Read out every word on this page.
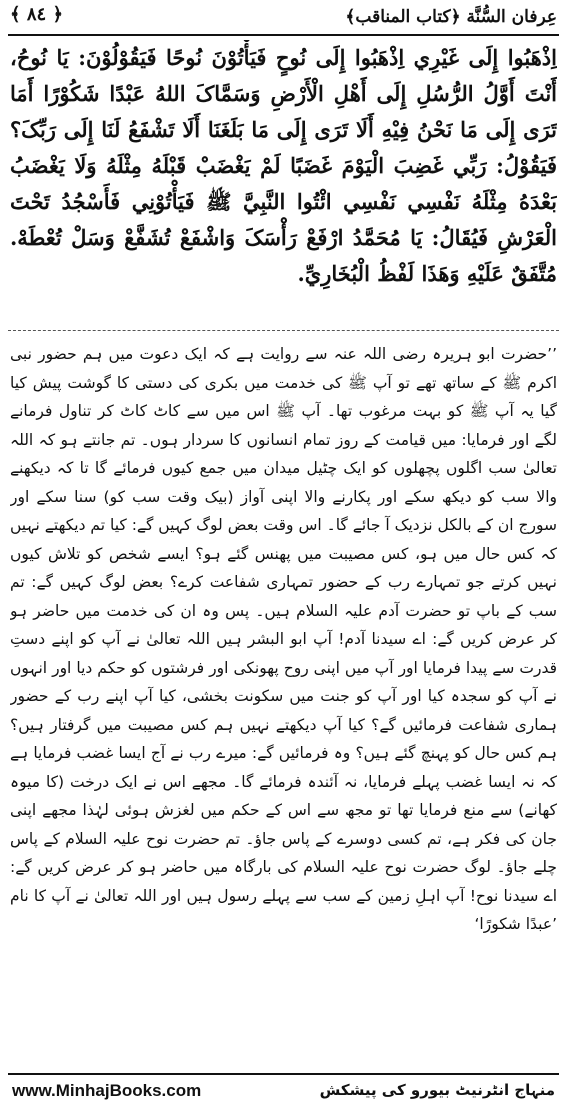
عِرفان السُّنَّة ﴿كتاب المناقب﴾
﴿ ٨٤ ﴾
اِذْهَبُوا إِلَى غَيْرِي اِذْهَبُوا إِلَى نُوحٍ فَيَأْتُوْنَ نُوحًا فَيَقُوْلُوْنَ: يَا نُوحُ، أَنْتَ أَوَّلُ الرُّسُلِ إِلَى أَهْلِ الْأَرْضِ وَسَمَّاکَ اللهُ عَبْدًا شَكُوْرًا أَمَا تَرَى إِلَى مَا نَحْنُ فِيْهِ أَلَا تَرَى إِلَى مَا بَلَغَنَا أَلَا تَشْفَعُ لَنَا إِلَى رَبِّکَ؟ فَيَقُوْلُ: رَبِّي غَضِبَ الْيَوْمَ غَضَبًا لَمْ يَغْضَبْ قَبْلَهُ مِثْلَهُ وَلَا يَغْضَبُ بَعْدَهُ مِثْلَهُ نَفْسِي نَفْسِي ائْتُوا النَّبِيَّ ﷺ فَيَأْتُوْنِي فَأَسْجُدُ تَحْتَ الْعَرْشِ فَيُقَالُ: يَا مُحَمَّدُ ارْفَعْ رَأْسَکَ وَاشْفَعْ تُشَفَّعْ وَسَلْ تُعْطَهْ. مُتَّفَقٌ عَلَيْهِ وَهَذَا لَفْظُ الْبُخَارِيِّ.
’’حضرت ابو ہریرہ رضی اللہ عنہ سے روایت ہے کہ ایک دعوت میں ہم حضور نبی اکرم ﷺ کے ساتھ تھے تو آپ ﷺ کی خدمت میں بکری کی دستی کا گوشت پیش کیا گیا یہ آپ ﷺ کو بہت مرغوب تھا۔ آپ ﷺ اس میں سے کاٹ کاٹ کر تناول فرمانے لگے اور فرمایا: میں قیامت کے روز تمام انسانوں کا سردار ہوں۔ تم جانتے ہو کہ اللہ تعالیٰ سب اگلوں پچھلوں کو ایک چٹیل میدان میں جمع کیوں فرمائے گا تا کہ دیکھنے والا سب کو دیکھ سکے اور پکارنے والا اپنی آواز (بیک وقت سب کو) سنا سکے اور سورج ان کے بالکل نزدیک آ جائے گا۔ اس وقت بعض لوگ کہیں گے: کیا تم دیکھتے نہیں کہ کس حال میں ہو، کس مصیبت میں پھنس گئے ہو؟ ایسے شخص کو تلاش کیوں نہیں کرتے جو تمہارے رب کے حضور تمہاری شفاعت کرے؟ بعض لوگ کہیں گے: تم سب کے باپ تو حضرت آدم علیہ السلام ہیں۔ پس وہ ان کی خدمت میں حاضر ہو کر عرض کریں گے: اے سیدنا آدم! آپ ابو البشر ہیں اللہ تعالیٰ نے آپ کو اپنے دستِ قدرت سے پیدا فرمایا اور آپ میں اپنی روح پھونکی اور فرشتوں کو حکم دیا اور انہوں نے آپ کو سجدہ کیا اور آپ کو جنت میں سکونت بخشی، کیا آپ اپنے رب کے حضور ہماری شفاعت فرمائیں گے؟ کیا آپ دیکھتے نہیں ہم کس مصیبت میں گرفتار ہیں؟ ہم کس حال کو پہنچ گئے ہیں؟ وہ فرمائیں گے: میرے رب نے آج ایسا غضب فرمایا ہے کہ نہ ایسا غضب پہلے فرمایا، نہ آئندہ فرمائے گا۔ مجھے اس نے ایک درخت (کا میوہ کھانے) سے منع فرمایا تھا تو مجھ سے اس کے حکم میں لغزش ہوئی لہٰذا مجھے اپنی جان کی فکر ہے، تم کسی دوسرے کے پاس جاؤ۔ تم حضرت نوح علیہ السلام کے پاس چلے جاؤ۔ لوگ حضرت نوح علیہ السلام کی بارگاہ میں حاضر ہو کر عرض کریں گے: اے سیدنا نوح! آپ اہلِ زمین کے سب سے پہلے رسول ہیں اور اللہ تعالیٰ نے آپ کا نام ’عبدًا شکورًا‘
www.MinhajBooks.com	منہاج انٹرنیٹ بیورو کی پیشکش
